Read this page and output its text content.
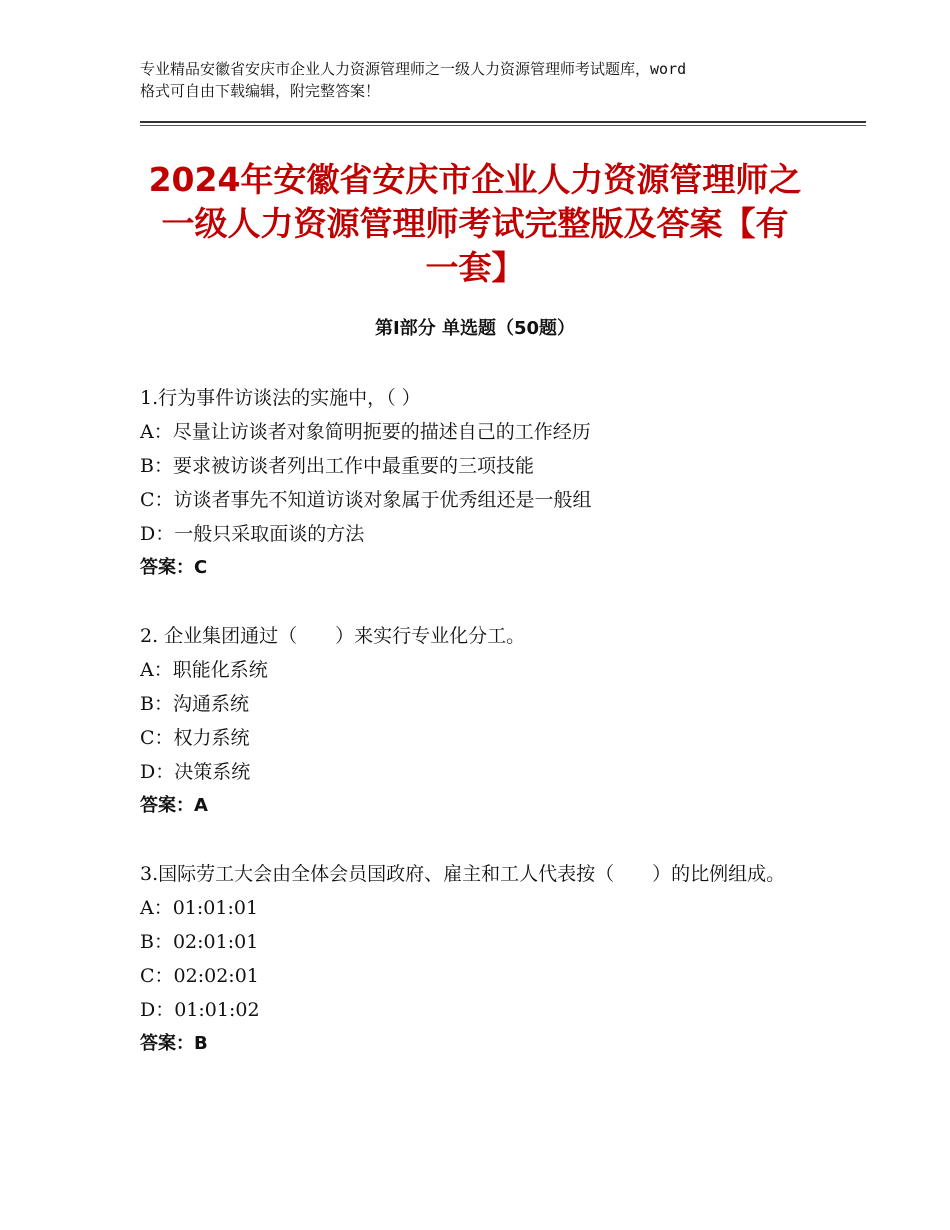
专业精品安徽省安庆市企业人力资源管理师之一级人力资源管理师考试题库，word
格式可自由下载编辑，附完整答案！
2024年安徽省安庆市企业人力资源管理师之
一级人力资源管理师考试完整版及答案【有
一套】
第Ⅰ部分 单选题（50题）
1.行为事件访谈法的实施中，（ ）
A：尽量让访谈者对象简明扼要的描述自己的工作经历
B：要求被访谈者列出工作中最重要的三项技能
C：访谈者事先不知道访谈对象属于优秀组还是一般组
D：一般只采取面谈的方法
答案：C
2. 企业集团通过（　　）来实行专业化分工。
A：职能化系统
B：沟通系统
C：权力系统
D：决策系统
答案：A
3.国际劳工大会由全体会员国政府、雇主和工人代表按（　　）的比例组成。
A：01:01:01
B：02:01:01
C：02:02:01
D：01:01:02
答案：B
